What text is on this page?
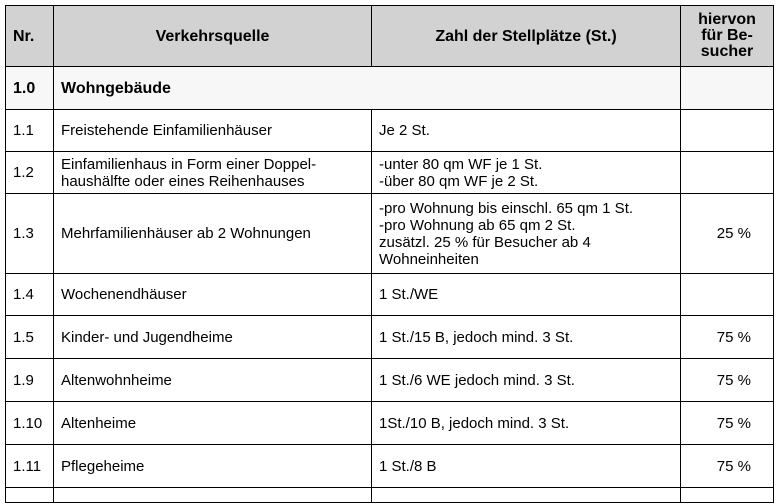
Nr.	Verkehrsquelle	Zahl der Stellplätze (St.)	hiervon
für Be-
sucher
1.0	Wohngebäude		
1.1	Freistehende Einfamilienhäuser	Je 2 St.	
1.2	Einfamilienhaus in Form einer Doppel-
haushälfte oder eines Reihenhauses	-unter 80 qm WF je 1 St.
-über 80 qm WF je 2 St.	
1.3	Mehrfamilienhäuser ab 2 Wohnungen	-pro Wohnung bis einschl. 65 qm 1 St.
-pro Wohnung ab 65 qm 2 St.
zusätzl. 25 % für Besucher ab 4
Wohneinheiten	25 %
1.4	Wochenendhäuser	1 St./WE	
1.5	Kinder- und Jugendheime	1 St./15 B, jedoch mind. 3 St.	75 %
1.9	Altenwohnheime	1 St./6 WE jedoch mind. 3 St.	75 %
1.10	Altenheime	1St./10 B, jedoch mind. 3 St.	75 %
1.11	Pflegeheime	1 St./8 B	75 %
